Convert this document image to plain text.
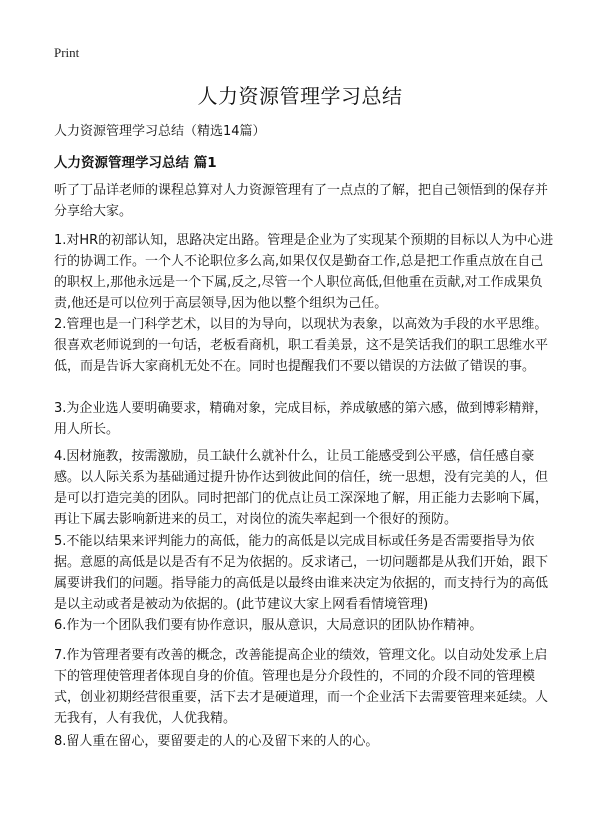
Print
人力资源管理学习总结
人力资源管理学习总结（精选14篇）
人力资源管理学习总结 篇1

听了丁品详老师的课程总算对人力资源管理有了一点点的了解，把自己领悟到的保存并分享给大家。

1.对HR的初部认知，思路决定出路。管理是企业为了实现某个预期的目标以人为中心进行的协调工作。一个人不论职位多么高,如果仅仅是勤奋工作,总是把工作重点放在自己的职权上,那他永远是一个下属,反之,尽管一个人职位高低,但他重在贡献,对工作成果负责,他还是可以位列于高层领导,因为他以整个组织为己任。

2.管理也是一门科学艺术，以目的为导向，以现状为表象，以高效为手段的水平思维。很喜欢老师说到的一句话，老板看商机，职工看美景，这不是笑话我们的职工思维水平低，而是告诉大家商机无处不在。同时也提醒我们不要以错误的方法做了错误的事。

3.为企业选人要明确要求，精确对象，完成目标，养成敏感的第六感，做到博彩精辩，用人所长。

4.因材施教，按需激励，员工缺什么就补什么，让员工能感受到公平感，信任感自豪感。以人际关系为基础通过提升协作达到彼此间的信任，统一思想，没有完美的人，但是可以打造完美的团队。同时把部门的优点让员工深深地了解，用正能力去影响下属，再让下属去影响新进来的员工，对岗位的流失率起到一个很好的预防。

5.不能以结果来评判能力的高低，能力的高低是以完成目标或任务是否需要指导为依据。意愿的高低是以是否有不足为依据的。反求诸己，一切问题都是从我们开始，跟下属要讲我们的问题。指导能力的高低是以最终由谁来决定为依据的，而支持行为的高低是以主动或者是被动为依据的。(此节建议大家上网看看情境管理)

6.作为一个团队我们要有协作意识，服从意识，大局意识的团队协作精神。

7.作为管理者要有改善的概念，改善能提高企业的绩效，管理文化。以自动处发承上启下的管理使管理者体现自身的价值。管理也是分介段性的，不同的介段不同的管理模式，创业初期经营很重要，活下去才是硬道理，而一个企业活下去需要管理来延续。人无我有，人有我优，人优我精。

8.留人重在留心，要留要走的人的心及留下来的人的心。
